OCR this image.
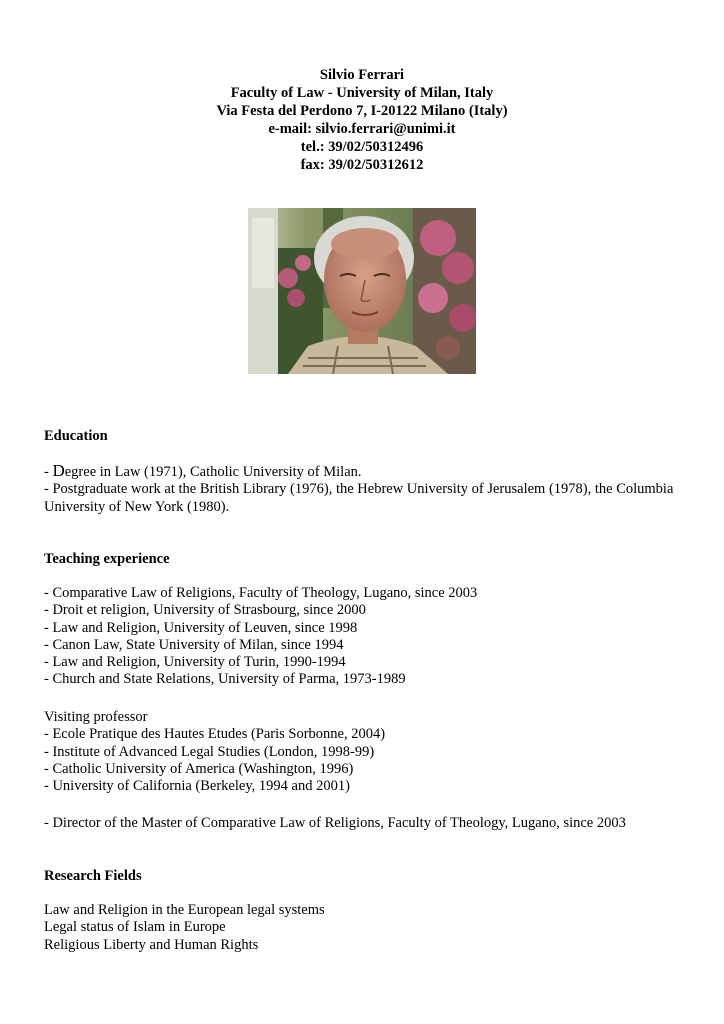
Silvio Ferrari
Faculty of Law - University of Milan, Italy
Via Festa del Perdono 7, I-20122 Milano (Italy)
e-mail: silvio.ferrari@unimi.it
tel.: 39/02/50312496
fax: 39/02/50312612
Education
- Degree in Law (1971), Catholic University of Milan.
- Postgraduate work at the British Library (1976), the Hebrew University of Jerusalem (1978), the Columbia University of New York (1980).
Teaching experience
- Comparative Law of Religions, Faculty of Theology, Lugano, since 2003
- Droit et religion, University of Strasbourg, since 2000
- Law and Religion, University of Leuven, since 1998
- Canon Law, State University of Milan, since 1994
- Law and Religion, University of Turin, 1990-1994
- Church and State Relations, University of Parma, 1973-1989
Visiting professor
- Ecole Pratique des Hautes Etudes (Paris Sorbonne, 2004)
- Institute of Advanced Legal Studies (London, 1998-99)
- Catholic University of America (Washington, 1996)
- University of California (Berkeley, 1994 and 2001)
- Director of the Master of Comparative Law of Religions, Faculty of Theology, Lugano, since 2003
Research Fields
Law and Religion in the European legal systems
Legal status of Islam in Europe
Religious Liberty and Human Rights
